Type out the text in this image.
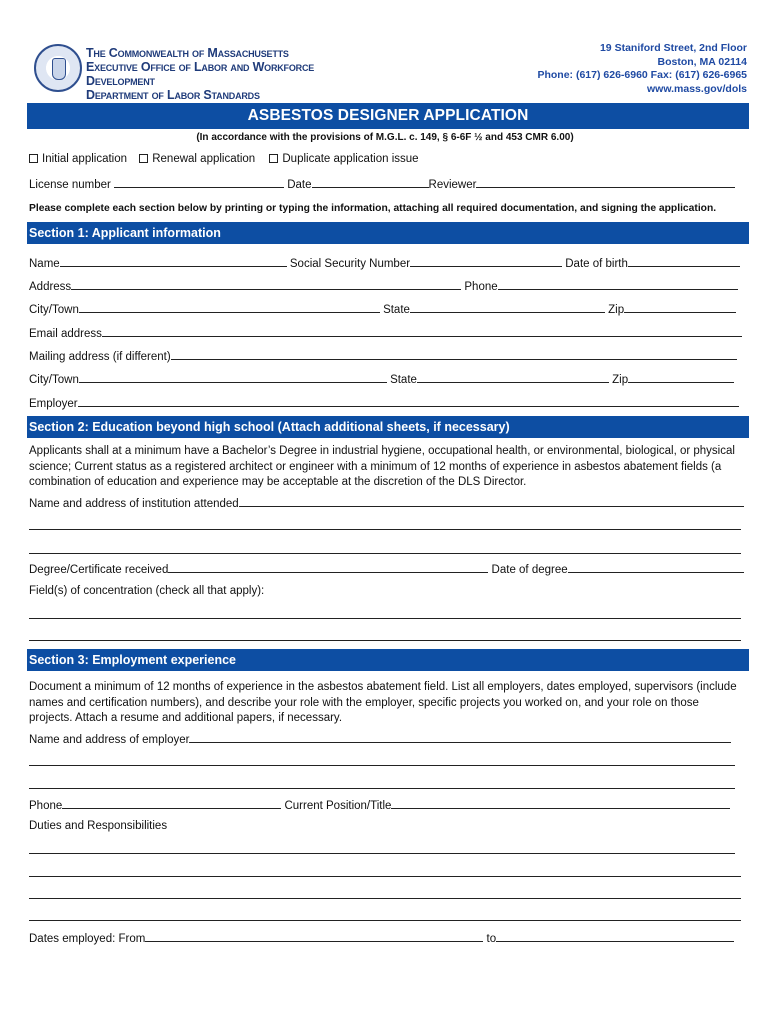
The Commonwealth of Massachusetts
Executive Office of Labor and Workforce Development
Department of Labor Standards
19 Staniford Street, 2nd Floor
Boston, MA 02114
Phone: (617) 626-6960 Fax: (617) 626-6965
www.mass.gov/dols
ASBESTOS DESIGNER APPLICATION
(In accordance with the provisions of M.G.L. c. 149, § 6-6F ½ and 453 CMR 6.00)
Initial application Renewal application Duplicate application issue
License number	Date	Reviewer
Please complete each section below by printing or typing the information, attaching all required documentation, and signing the application.
Section 1: Applicant information
Name	Social Security Number	Date of birth
Address	Phone
City/Town	State	Zip
Email address
Mailing address (if different)
City/Town	State	Zip
Employer
Section 2: Education beyond high school (Attach additional sheets, if necessary)
Applicants shall at a minimum have a Bachelor’s Degree in industrial hygiene, occupational health, or environmental, biological, or physical science; Current status as a registered architect or engineer with a minimum of 12 months of experience in asbestos abatement fields (a combination of education and experience may be acceptable at the discretion of the DLS Director.
Name and address of institution attended
Degree/Certificate received	Date of degree
Field(s) of concentration (check all that apply):
Section 3: Employment experience
Document a minimum of 12 months of experience in the asbestos abatement field. List all employers, dates employed, supervisors (include names and certification numbers), and describe your role with the employer, specific projects you worked on, and your role on those projects. Attach a resume and additional papers, if necessary.
Name and address of employer
Phone	Current Position/Title
Duties and Responsibilities
Dates employed: From	to
